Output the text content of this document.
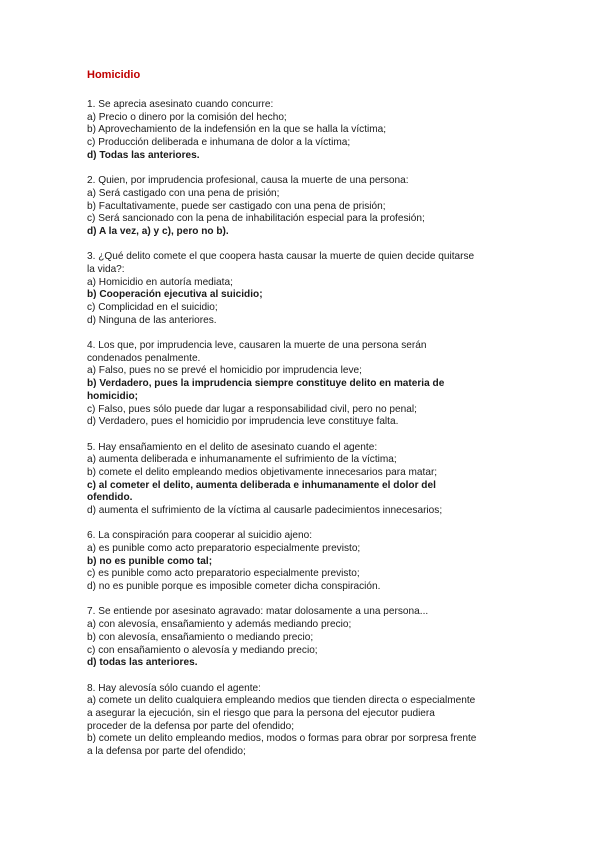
Homicidio
1. Se aprecia asesinato cuando concurre:
a) Precio o dinero por la comisión del hecho;
b) Aprovechamiento de la indefensión en la que se halla la víctima;
c) Producción deliberada e inhumana de dolor a la víctima;
d) Todas las anteriores.
2. Quien, por imprudencia profesional, causa la muerte de una persona:
a) Será castigado con una pena de prisión;
b) Facultativamente, puede ser castigado con una pena de prisión;
c) Será sancionado con la pena de inhabilitación especial para la profesión;
d) A la vez, a) y c), pero no b).
3. ¿Qué delito comete el que coopera hasta causar la muerte de quien decide quitarse
la vida?:
a) Homicidio en autoría mediata;
b) Cooperación ejecutiva al suicidio;
c) Complicidad en el suicidio;
d) Ninguna de las anteriores.
4. Los que, por imprudencia leve, causaren la muerte de una persona serán
condenados penalmente.
a) Falso, pues no se prevé el homicidio por imprudencia leve;
b) Verdadero, pues la imprudencia siempre constituye delito en materia de
homicidio;
c) Falso, pues sólo puede dar lugar a responsabilidad civil, pero no penal;
d) Verdadero, pues el homicidio por imprudencia leve constituye falta.
5. Hay ensañamiento en el delito de asesinato cuando el agente:
a) aumenta deliberada e inhumanamente el sufrimiento de la víctima;
b) comete el delito empleando medios objetivamente innecesarios para matar;
c) al cometer el delito, aumenta deliberada e inhumanamente el dolor del
ofendido.
d) aumenta el sufrimiento de la víctima al causarle padecimientos innecesarios;
6. La conspiración para cooperar al suicidio ajeno:
a) es punible como acto preparatorio especialmente previsto;
b) no es punible como tal;
c) es punible como acto preparatorio especialmente previsto;
d) no es punible porque es imposible cometer dicha conspiración.
7. Se entiende por asesinato agravado: matar dolosamente a una persona...
a) con alevosía, ensañamiento y además mediando precio;
b) con alevosía, ensañamiento o mediando precio;
c) con ensañamiento o alevosía y mediando precio;
d) todas las anteriores.
8. Hay alevosía sólo cuando el agente:
a) comete un delito cualquiera empleando medios que tienden directa o especialmente
a asegurar la ejecución, sin el riesgo que para la persona del ejecutor pudiera
proceder de la defensa por parte del ofendido;
b) comete un delito empleando medios, modos o formas para obrar por sorpresa frente
a la defensa por parte del ofendido;
